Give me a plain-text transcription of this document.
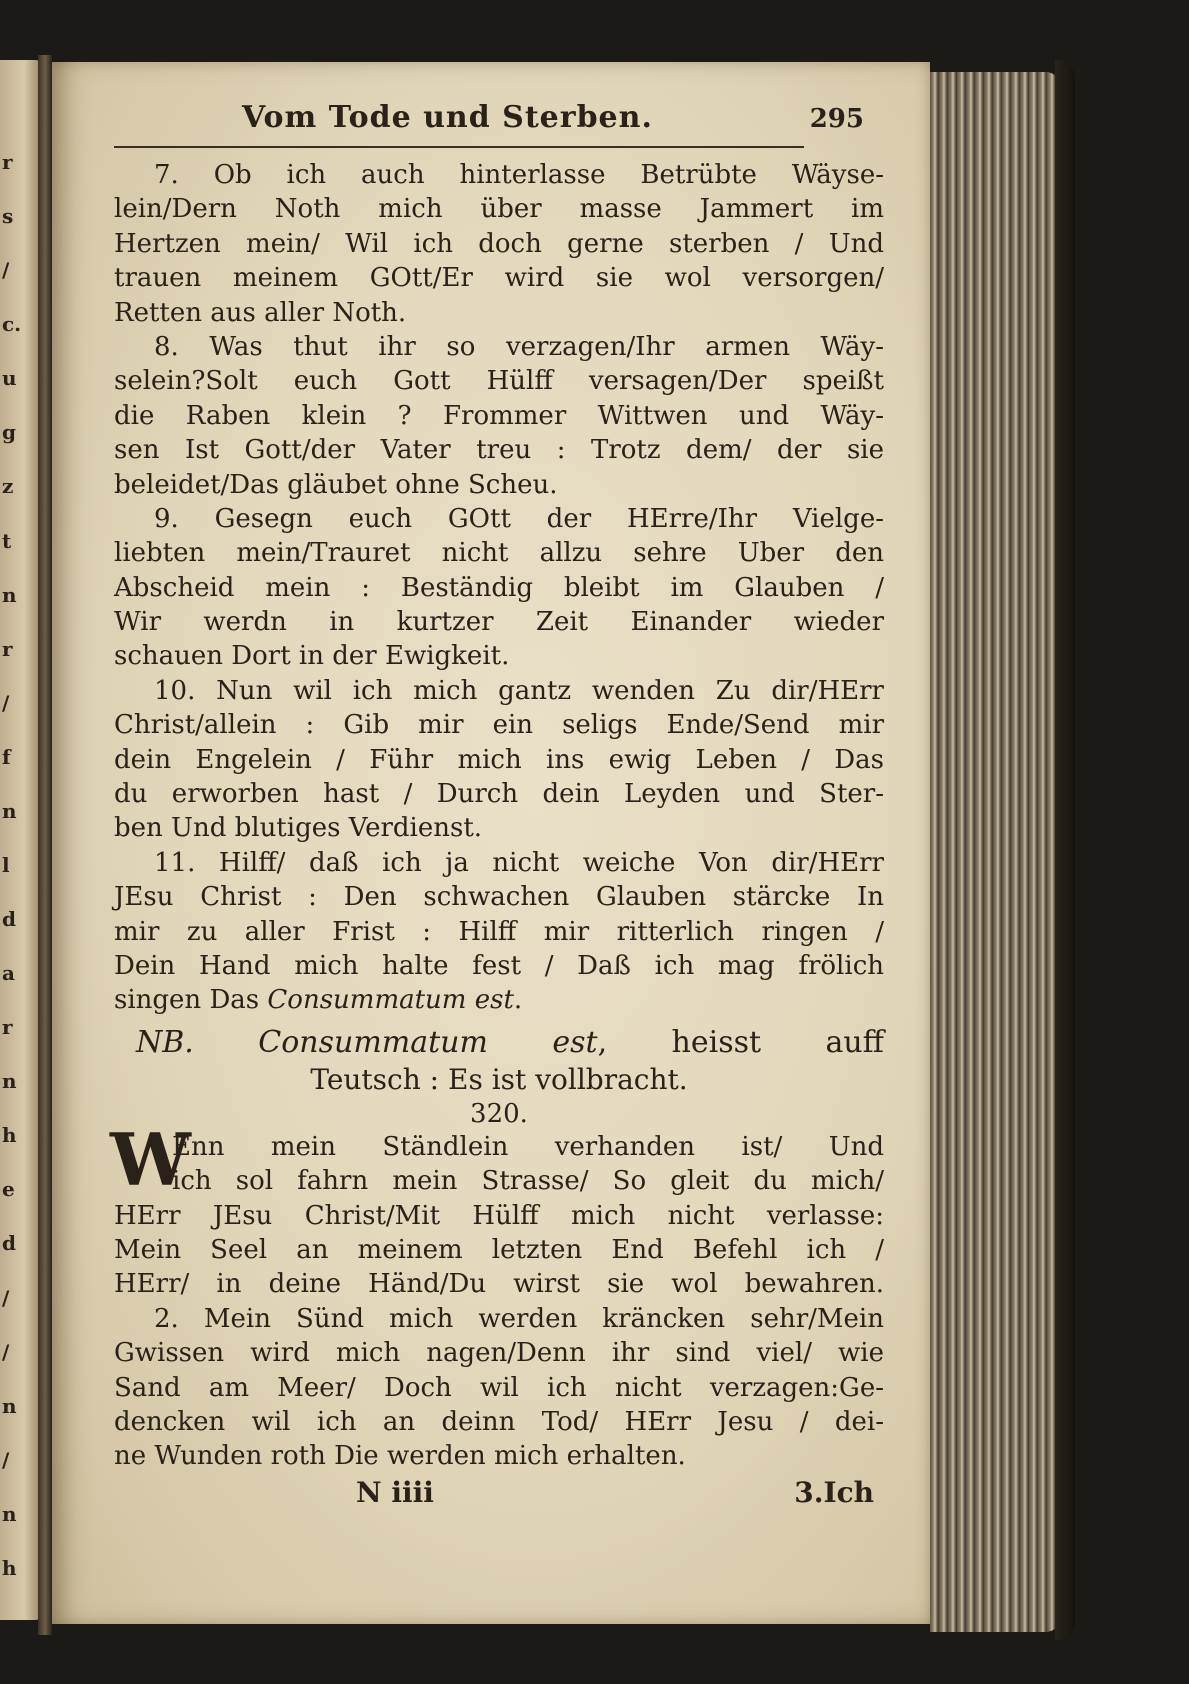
Vom Tode und Sterben.	295
7. Ob ich auch hinterlasse Betrübte Wäyse-
lein/Dern Noth mich über masse Jammert im
Hertzen mein/ Wil ich doch gerne sterben / Und
trauen meinem GOtt/Er wird sie wol versorgen/
Retten aus aller Noth.
8. Was thut ihr so verzagen/Ihr armen Wäy-
selein?Solt euch Gott Hülff versagen/Der speißt
die Raben klein ? Frommer Wittwen und Wäy-
sen Ist Gott/der Vater treu : Trotz dem/ der sie
beleidet/Das gläubet ohne Scheu.
9. Gesegn euch GOtt der HErre/Ihr Vielge-
liebten mein/Trauret nicht allzu sehre Uber den
Abscheid mein : Beständig bleibt im Glauben /
Wir werdn in kurtzer Zeit Einander wieder
schauen Dort in der Ewigkeit.
10. Nun wil ich mich gantz wenden Zu dir/HErr
Christ/allein : Gib mir ein seligs Ende/Send mir
dein Engelein / Führ mich ins ewig Leben / Das
du erworben hast / Durch dein Leyden und Ster-
ben Und blutiges Verdienst.
11. Hilff/ daß ich ja nicht weiche Von dir/HErr
JEsu Christ : Den schwachen Glauben stärcke In
mir zu aller Frist : Hilff mir ritterlich ringen /
Dein Hand mich halte fest / Daß ich mag frölich
singen Das Consummatum est.
NB. Consummatum est, heisst auff
Teutsch : Es ist vollbracht.
320.
W
Enn mein Ständlein verhanden ist/ Und
ich sol fahrn mein Strasse/ So gleit du mich/
HErr JEsu Christ/Mit Hülff mich nicht verlasse:
Mein Seel an meinem letzten End Befehl ich /
HErr/ in deine Händ/Du wirst sie wol bewahren.
2. Mein Sünd mich werden kräncken sehr/Mein
Gwissen wird mich nagen/Denn ihr sind viel/ wie
Sand am Meer/ Doch wil ich nicht verzagen:Ge-
dencken wil ich an deinn Tod/ HErr Jesu / dei-
ne Wunden roth Die werden mich erhalten.
N iiii	3.Ich
r
s
/
c.
u
g
z
t
n
r
/
f
n
l
d
a
r
n
h
e
d
/
/
n
/
n
h
